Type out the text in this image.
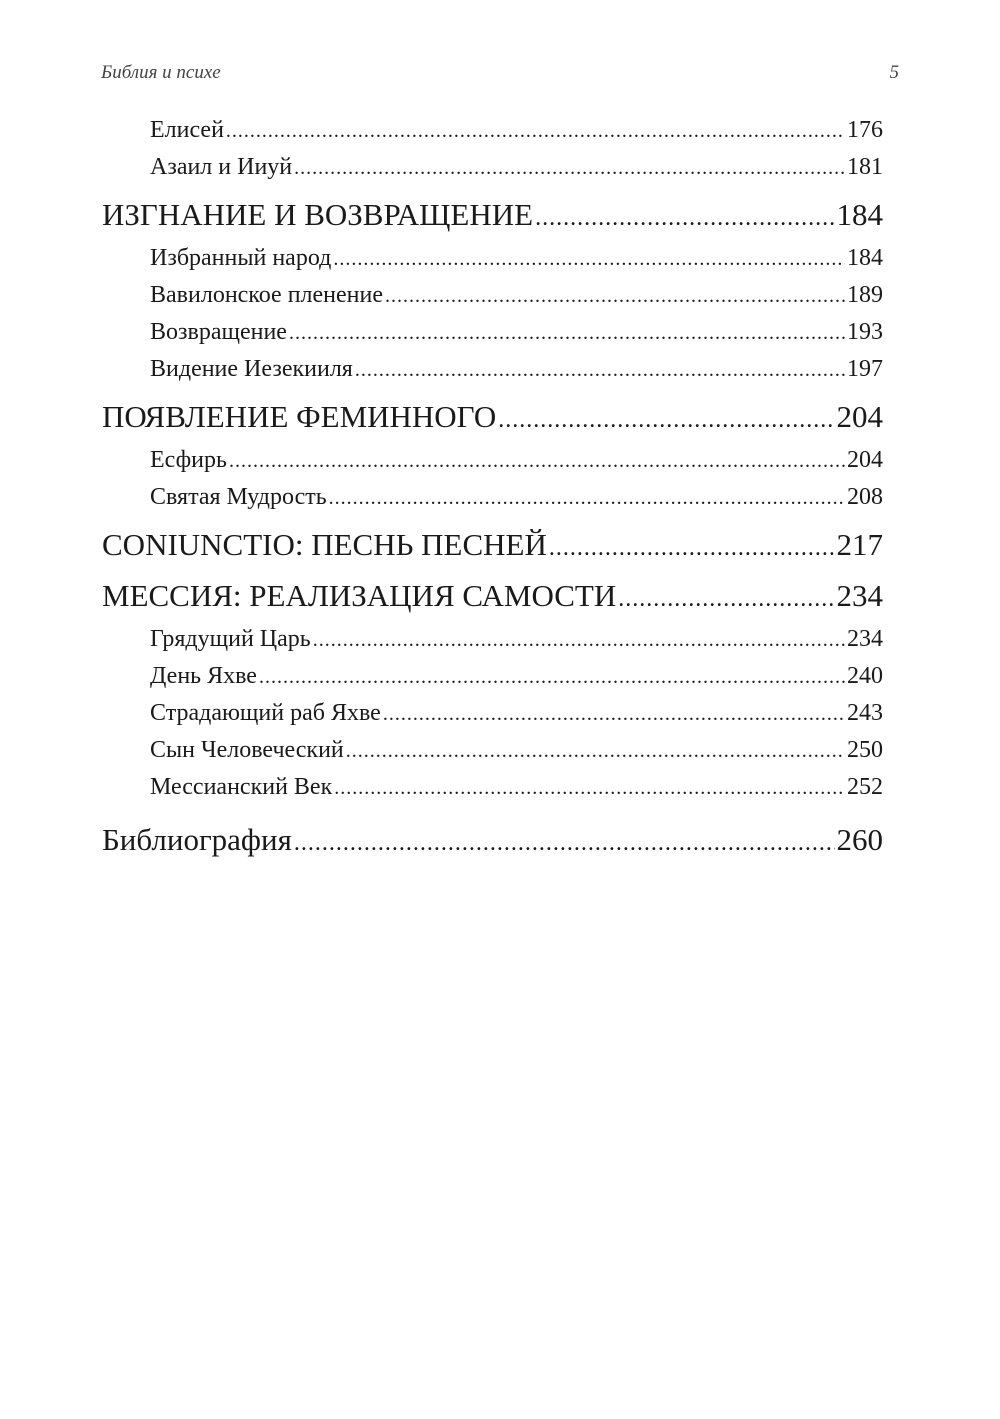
Библия и психе	5
Елисей .....	176
Азаил и Ииуй .....	181
ИЗГНАНИЕ И ВОЗВРАЩЕНИЕ .....	184
Избранный народ .....	184
Вавилонское пленение .....	189
Возвращение .....	193
Видение Иезекииля .....	197
ПОЯВЛЕНИЕ ФЕМИННОГО .....	204
Есфирь .....	204
Святая Мудрость .....	208
CONIUNCTIO: ПЕСНЬ ПЕСНЕЙ .....	217
МЕССИЯ: РЕАЛИЗАЦИЯ САМОСТИ .....	234
Грядущий Царь .....	234
День Яхве .....	240
Страдающий раб Яхве .....	243
Сын Человеческий .....	250
Мессианский Век .....	252
Библиография .....	260
